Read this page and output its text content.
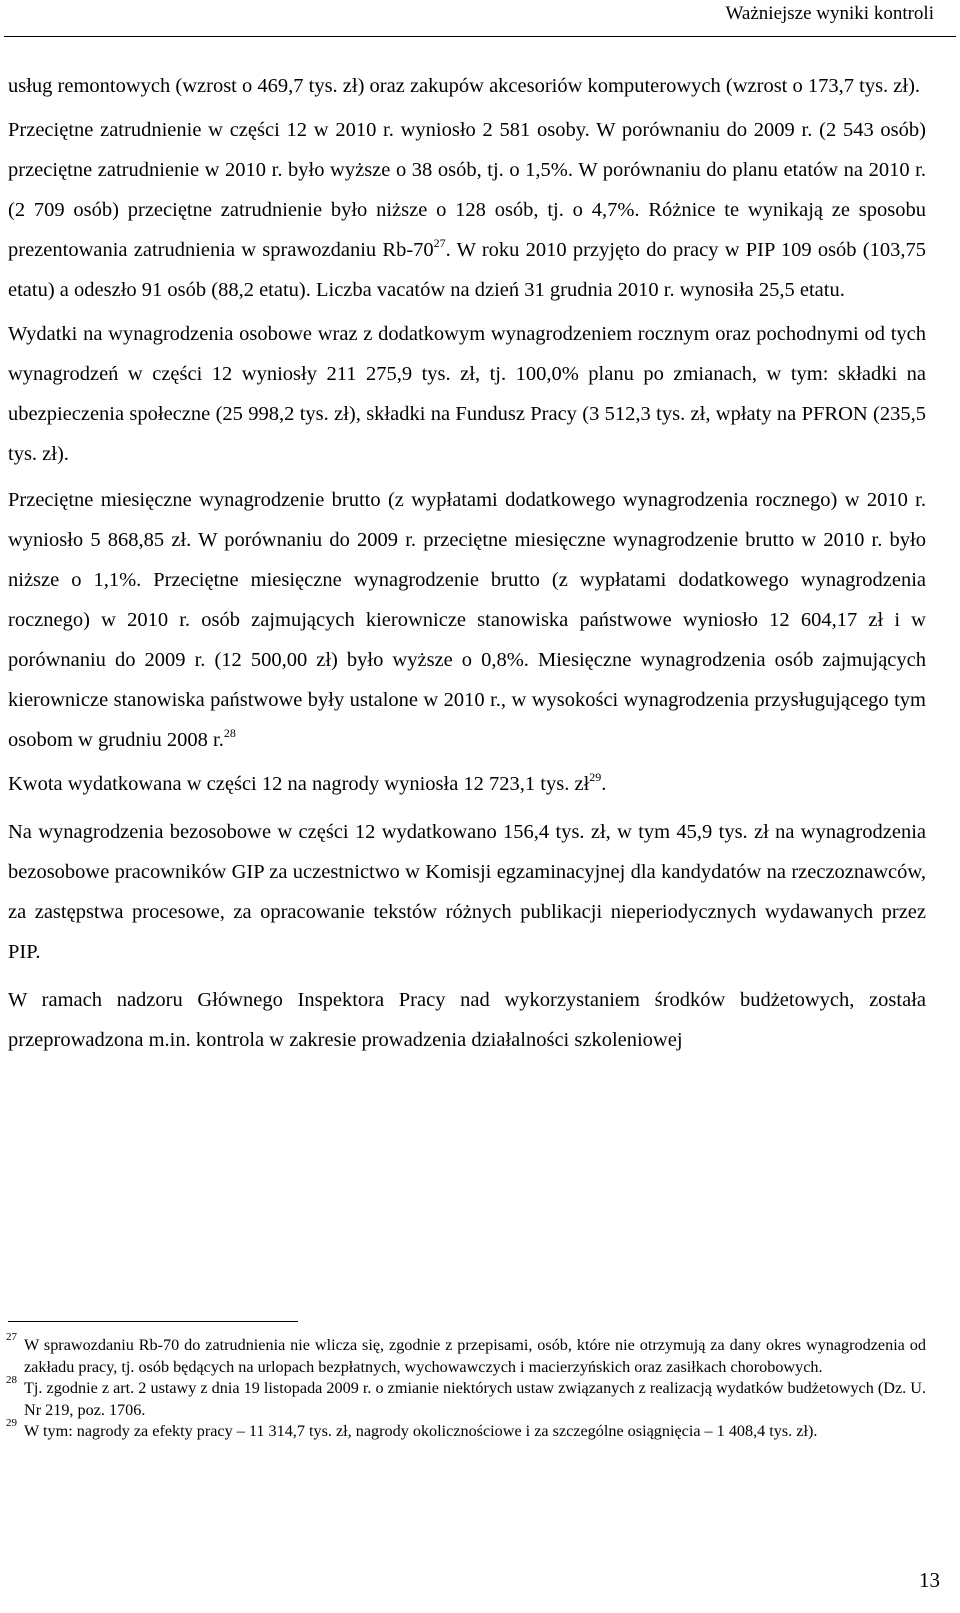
Ważniejsze wyniki kontroli

usług remontowych (wzrost o 469,7 tys. zł) oraz zakupów akcesoriów komputerowych (wzrost o 173,7 tys. zł).

Przeciętne zatrudnienie w części 12 w 2010 r. wyniosło 2 581 osoby. W porównaniu do 2009 r. (2 543 osób) przeciętne zatrudnienie w 2010 r. było wyższe o 38 osób, tj. o 1,5%. W porównaniu do planu etatów na 2010 r. (2 709 osób) przeciętne zatrudnienie było niższe o 128 osób, tj. o 4,7%. Różnice te wynikają ze sposobu prezentowania zatrudnienia w sprawozdaniu $Rb-70^{27}$. W roku 2010 przyjęto do pracy w PIP 109 osób (103,75 etatu) a odeszło 91 osób (88,2 etatu). Liczba vacatów na dzień 31 grudnia 2010 r. wynosiła 25,5 etatu.

Wydatki na wynagrodzenia osobowe wraz z dodatkowym wynagrodzeniem rocznym oraz pochodnymi od tych wynagrodzeń w części 12 wyniosły 211 275,9 tys. zł, tj. 100,0% planu po zmianach, w tym: składki na ubezpieczenia społeczne (25 998,2 tys. zł), składki na Fundusz Pracy (3 512,3 tys. zł, wpłaty na PFRON (235,5 tys. zł).

Przeciętne miesięczne wynagrodzenie brutto (z wypłatami dodatkowego wynagrodzenia rocznego) w 2010 r. wyniosło 5 868,85 zł. W porównaniu do 2009 r. przeciętne miesięczne wynagrodzenie brutto w 2010 r. było niższe o 1,1%. Przeciętne miesięczne wynagrodzenie brutto (z wypłatami dodatkowego wynagrodzenia rocznego) w 2010 r. osób zajmujących kierownicze stanowiska państwowe wyniosło 12 604,17 zł i w porównaniu do 2009 r. (12 500,00 zł) było wyższe o 0,8%. Miesięczne wynagrodzenia osób zajmujących kierownicze stanowiska państwowe były ustalone w 2010 r., w wysokości wynagrodzenia przysługującego tym osobom w grudniu 2008 r.$^{28}$

Kwota wydatkowana w części 12 na nagrody wyniosła 12 723,1 tys. $zł^{29}$.

Na wynagrodzenia bezosobowe w części 12 wydatkowano 156,4 tys. zł, w tym 45,9 tys. zł na wynagrodzenia bezosobowe pracowników GIP za uczestnictwo w Komisji egzaminacyjnej dla kandydatów na rzeczoznawców, za zastępstwa procesowe, za opracowanie tekstów różnych publikacji nieperiodycznych wydawanych przez PIP.

W ramach nadzoru Głównego Inspektora Pracy nad wykorzystaniem środków budżetowych, została przeprowadzona m.in. kontrola w zakresie prowadzenia działalności szkoleniowej

27 W sprawozdaniu Rb-70 do zatrudnienia nie wlicza się, zgodnie z przepisami, osób, które nie otrzymują za dany okres wynagrodzenia od zakładu pracy, tj. osób będących na urlopach bezpłatnych, wychowawczych i macierzyńskich oraz zasiłkach chorobowych.
28 Tj. zgodnie z art. 2 ustawy z dnia 19 listopada 2009 r. o zmianie niektórych ustaw związanych z realizacją wydatków budżetowych (Dz. U. Nr 219, poz. 1706.
29 W tym: nagrody za efekty pracy – 11 314,7 tys. zł, nagrody okolicznościowe i za szczególne osiągnięcia – 1 408,4 tys. zł).
13
